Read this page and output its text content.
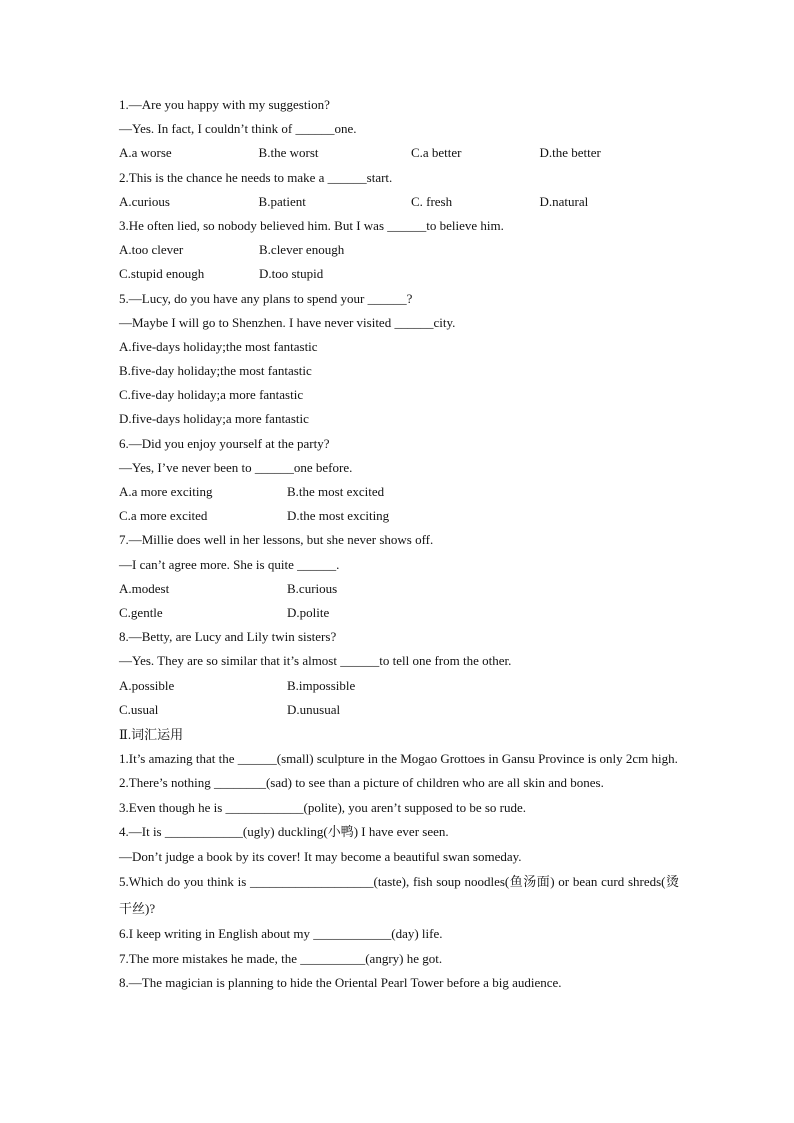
1.—Are you happy with my suggestion?
—Yes. In fact, I couldn’t think of ______one.
A.a worse	B.the worst	C.a better	D.the better
2.This is the chance he needs to make a ______start.
A.curious	B.patient	C. fresh	D.natural
3.He often lied, so nobody believed him. But I was ______to believe him.
A.too clever	B.clever enough
C.stupid enough	D.too stupid
5.—Lucy, do you have any plans to spend your ______?
—Maybe I will go to Shenzhen. I have never visited ______city.
A.five-days holiday;the most fantastic
B.five-day holiday;the most fantastic
C.five-day holiday;a more fantastic
D.five-days holiday;a more fantastic
6.—Did you enjoy yourself at the party?
—Yes, I’ve never been to ______one before.
A.a more exciting	B.the most excited
C.a more excited	D.the most exciting
7.—Millie does well in her lessons, but she never shows off.
—I can’t agree more. She is quite ______.
A.modest	B.curious
C.gentle	D.polite
8.—Betty, are Lucy and Lily twin sisters?
—Yes. They are so similar that it’s almost ______to tell one from the other.
A.possible	B.impossible
C.usual	D.unusual
Ⅱ.词汇运用
1.It’s amazing that the ______(small) sculpture in the Mogao Grottoes in Gansu Province is only 2cm high.
2.There’s nothing ________(sad) to see than a picture of children who are all skin and bones.
3.Even though he is ____________(polite), you aren’t supposed to be so rude.
4.—It is ____________(ugly) duckling(小鸭) I have ever seen.
—Don’t judge a book by its cover! It may become a beautiful swan someday.
5.Which do you think is ___________________(taste), fish soup noodles(鱼汤面) or bean curd shreds(烫干丝)?
6.I keep writing in English about my ____________(day) life.
7.The more mistakes he made, the __________(angry) he got.
8.—The magician is planning to hide the Oriental Pearl Tower before a big audience.
